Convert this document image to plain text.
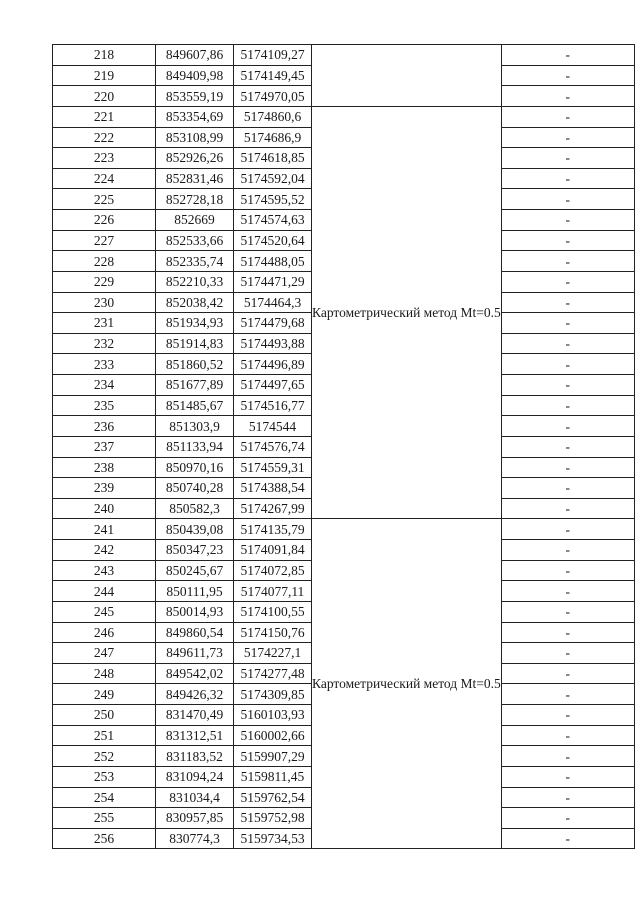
218	849607,86	5174109,27		-
219	849409,98	5174149,45		-
220	853559,19	5174970,05		-
221	853354,69	5174860,6	Картометрический метод Mt=0.5	-
222	853108,99	5174686,9		-
223	852926,26	5174618,85		-
224	852831,46	5174592,04		-
225	852728,18	5174595,52		-
226	852669	5174574,63		-
227	852533,66	5174520,64		-
228	852335,74	5174488,05		-
229	852210,33	5174471,29		-
230	852038,42	5174464,3		-
231	851934,93	5174479,68		-
232	851914,83	5174493,88		-
233	851860,52	5174496,89		-
234	851677,89	5174497,65		-
235	851485,67	5174516,77		-
236	851303,9	5174544		-
237	851133,94	5174576,74		-
238	850970,16	5174559,31		-
239	850740,28	5174388,54		-
240	850582,3	5174267,99		-
241	850439,08	5174135,79	Картометрический метод Mt=0.5	-
242	850347,23	5174091,84		-
243	850245,67	5174072,85		-
244	850111,95	5174077,11		-
245	850014,93	5174100,55		-
246	849860,54	5174150,76		-
247	849611,73	5174227,1		-
248	849542,02	5174277,48		-
249	849426,32	5174309,85		-
250	831470,49	5160103,93		-
251	831312,51	5160002,66		-
252	831183,52	5159907,29		-
253	831094,24	5159811,45		-
254	831034,4	5159762,54		-
255	830957,85	5159752,98		-
256	830774,3	5159734,53		-
